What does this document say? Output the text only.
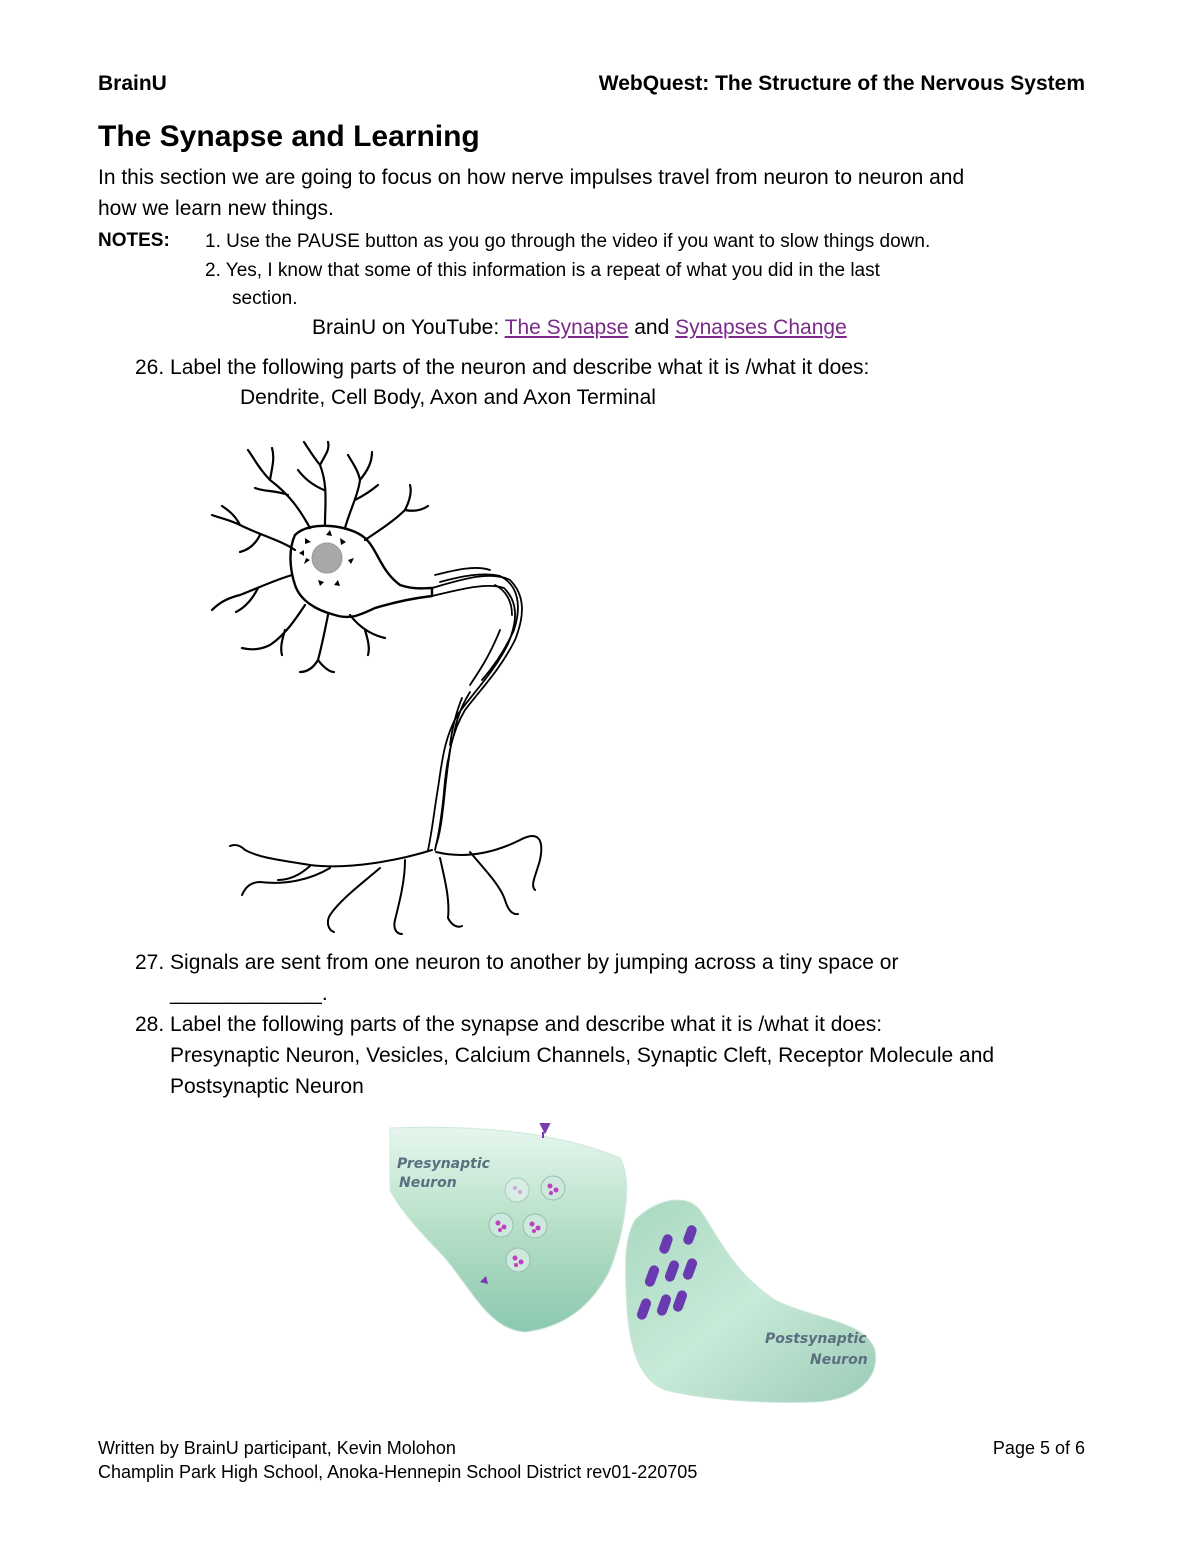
BrainU	WebQuest: The Structure of the Nervous System
The Synapse and Learning
In this section we are going to focus on how nerve impulses travel from neuron to neuron and
how we learn new things.
NOTES: 1. Use the PAUSE button as you go through the video if you want to slow things down.
2. Yes, I know that some of this information is a repeat of what you did in the last
section.
BrainU on YouTube: The Synapse and Synapses Change
26. Label the following parts of the neuron and describe what it is /what it does:
Dendrite, Cell Body, Axon and Axon Terminal
27. Signals are sent from one neuron to another by jumping across a tiny space or
_____________.
28. Label the following parts of the synapse and describe what it is /what it does:
Presynaptic Neuron, Vesicles, Calcium Channels, Synaptic Cleft, Receptor Molecule and
Postsynaptic Neuron
Presynaptic
Neuron
Postsynaptic
Neuron
Written by BrainU participant, Kevin Molohon
Champlin Park High School, Anoka-Hennepin School District rev01-220705
Page 5 of 6
